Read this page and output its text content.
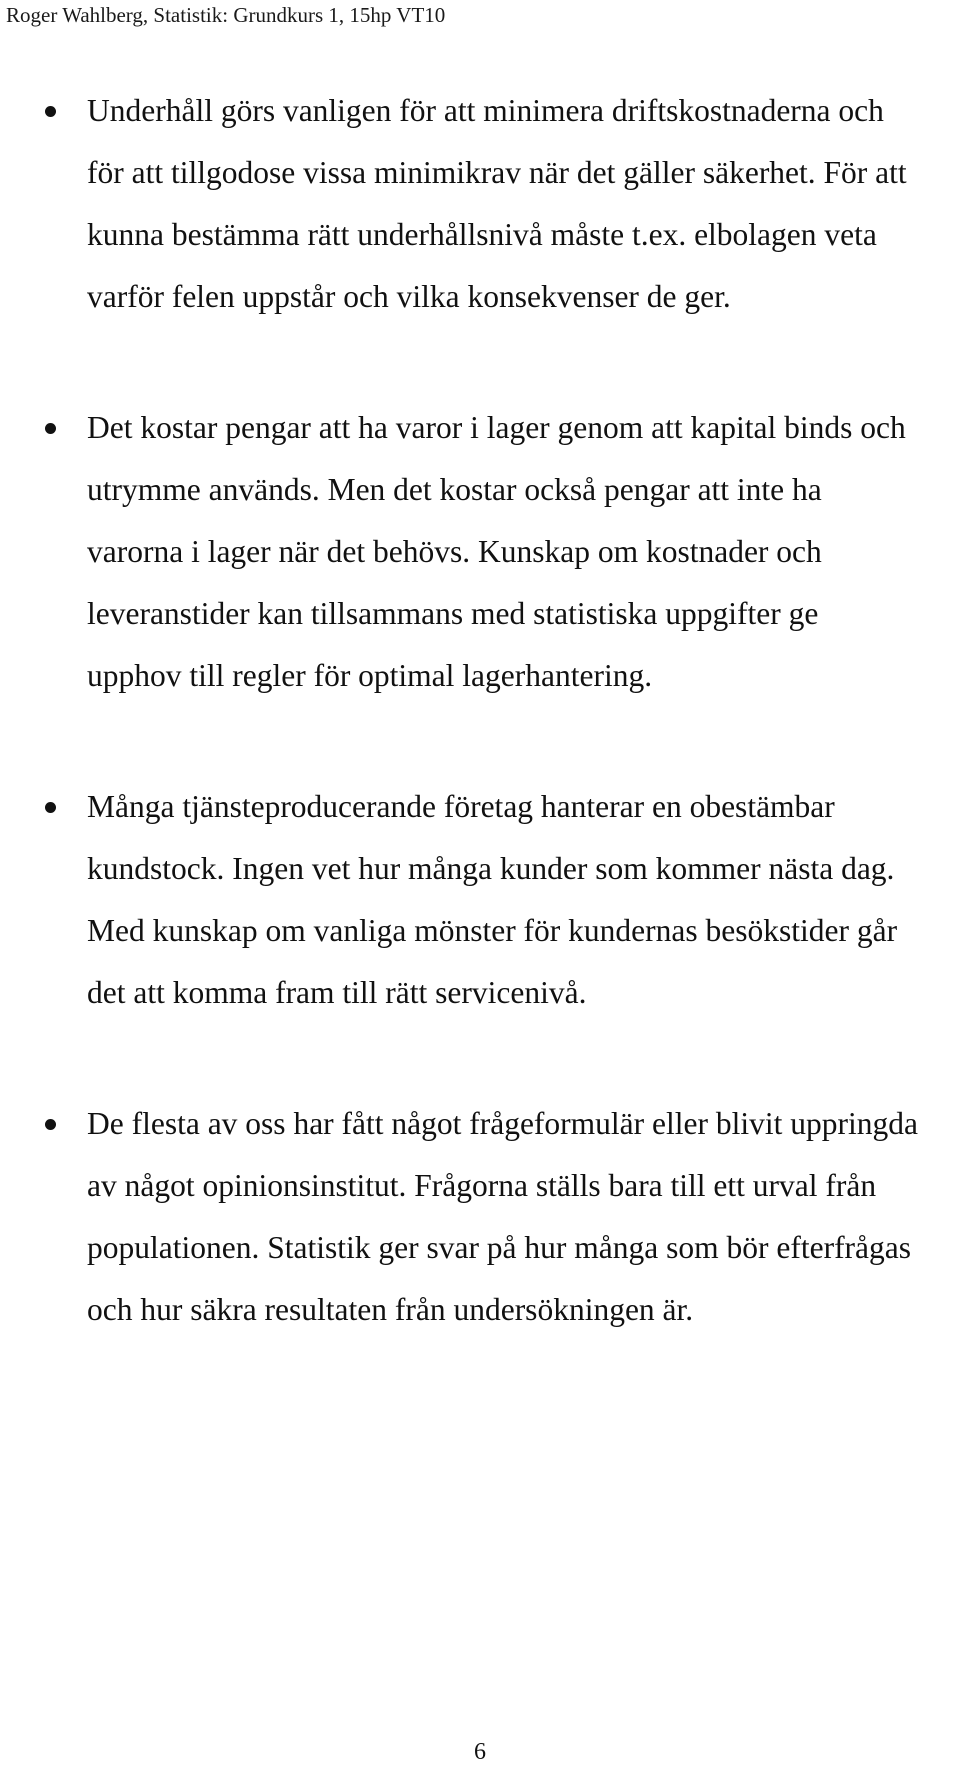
Roger Wahlberg, Statistik: Grundkurs 1, 15hp VT10
Underhåll görs vanligen för att minimera driftskostnaderna och för att tillgodose vissa minimikrav när det gäller säkerhet. För att kunna bestämma rätt underhållsnivå måste t.ex. elbolagen veta varför felen uppstår och vilka konsekvenser de ger.
Det kostar pengar att ha varor i lager genom att kapital binds och utrymme används. Men det kostar också pengar att inte ha varorna i lager när det behövs. Kunskap om kostnader och leveranstider kan tillsammans med statistiska uppgifter ge upphov till regler för optimal lagerhantering.
Många tjänsteproducerande företag hanterar en obestämbar kundstock. Ingen vet hur många kunder som kommer nästa dag. Med kunskap om vanliga mönster för kundernas besökstider går det att komma fram till rätt servicenivå.
De flesta av oss har fått något frågeformulär eller blivit uppringda av något opinionsinstitut. Frågorna ställs bara till ett urval från populationen. Statistik ger svar på hur många som bör efterfrågas och hur säkra resultaten från undersökningen är.
6
